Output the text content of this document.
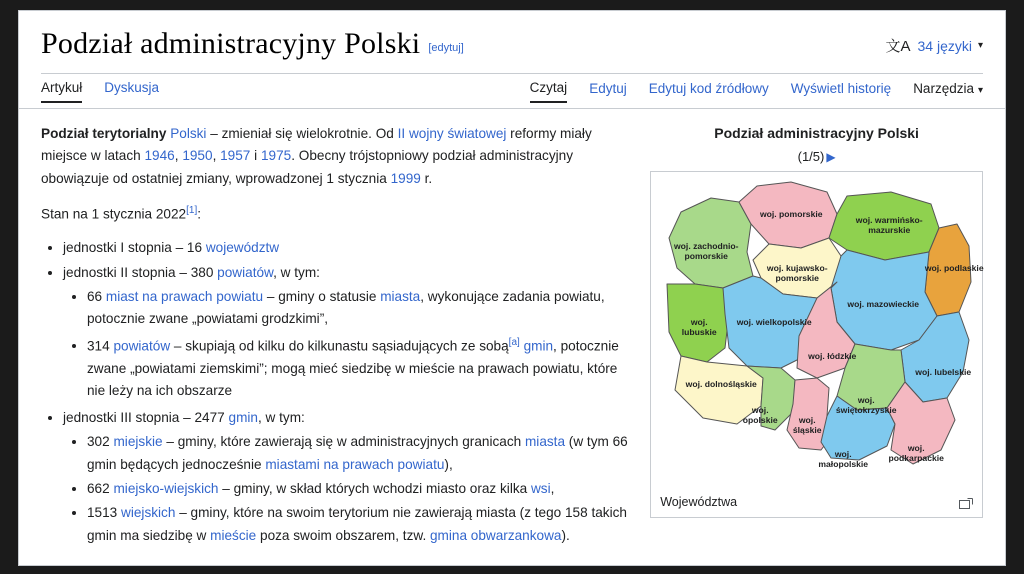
Podział administracyjny Polski [edytuj]	文A 34 języki ▾
Artykuł Dyskusja	Czytaj Edytuj Edytuj kod źródłowy Wyświetl historię Narzędzia ▾

Podział terytorialny Polski – zmieniał się wielokrotnie. Od II wojny światowej reformy miały miejsce w latach 1946, 1950, 1957 i 1975. Obecny trójstopniowy podział administracyjny obowiązuje od ostatniej zmiany, wprowadzonej 1 stycznia 1999 r.

Stan na 1 stycznia 2022[1]:

• jednostki I stopnia – 16 województw
• jednostki II stopnia – 380 powiatów, w tym:
• 66 miast na prawach powiatu – gminy o statusie miasta, wykonujące zadania powiatu, potocznie zwane „powiatami grodzkimi”,
• 314 powiatów – skupiają od kilku do kilkunastu sąsiadujących ze sobą[a] gmin, potocznie zwane „powiatami ziemskimi”; mogą mieć siedzibę w mieście na prawach powiatu, które nie leży na ich obszarze
• jednostki III stopnia – 2477 gmin, w tym:
• 302 miejskie – gminy, które zawierają się w administracyjnych granicach miasta (w tym 66 gmin będących jednocześnie miastami na prawach powiatu),
• 662 miejsko-wiejskich – gminy, w skład których wchodzi miasto oraz kilka wsi,
• 1513 wiejskich – gminy, które na swoim terytorium nie zawierają miasta (z tego 158 takich gmin ma siedzibę w mieście poza swoim obszarem, tzw. gmina obwarzankowa).
Podział administracyjny Polski
(1/5) ▶
woj. zachodnio-
pomorskie
woj. pomorskie
woj. warmińsko-
mazurskie
woj. podlaskie
woj. kujawsko-
pomorskie
woj.
lubuskie
woj. wielkopolskie
woj. mazowieckie
woj. łódzkie
woj. dolnośląskie
woj. lubelskie
woj.
opolskie	woj.
śląskie
woj.
świętokrzyskie
woj.
małopolskie
woj.
podkarpackie
Województwa
